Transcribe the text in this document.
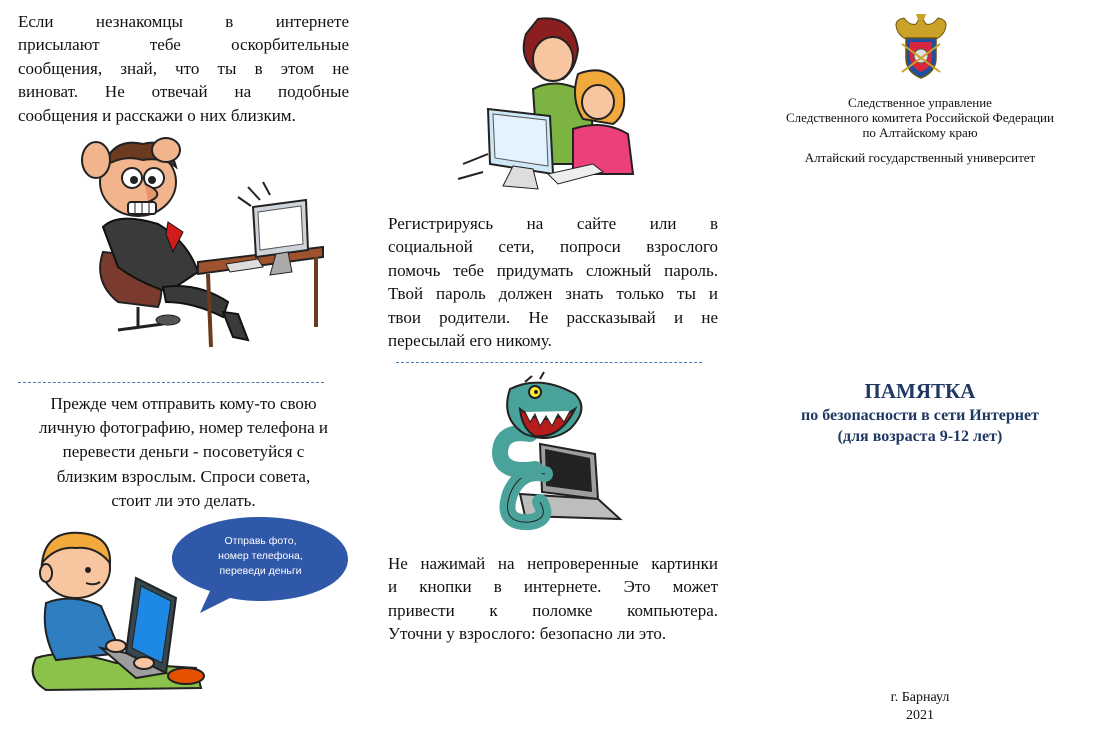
Если незнакомцы в интернете
присылают тебе оскорбительные
сообщения, знай, что ты в этом не
виноват. Не отвечай на подобные
сообщения и расскажи о них близким.

Прежде чем отправить кому-то свою
личную фотографию, номер телефона и
перевести деньги - посоветуйся с
близким взрослым. Спроси совета,
стоит ли это делать.

Отправь фото,
номер телефона,
переведи деньги

Регистрируясь на сайте или в
социальной сети, попроси взрослого
помочь тебе придумать сложный пароль.
Твой пароль должен знать только ты и
твои родители. Не рассказывай и не
пересылай его никому.

Не нажимай на непроверенные картинки
и кнопки в интернете. Это может
привести к поломке компьютера.
Уточни у взрослого: безопасно ли это.

Следственное управление
Следственного комитета Российской Федерации
по Алтайскому краю
Алтайский государственный университет
ПАМЯТКА
по безопасности в сети Интернет
(для возраста 9-12 лет)
г. Барнаул
2021
